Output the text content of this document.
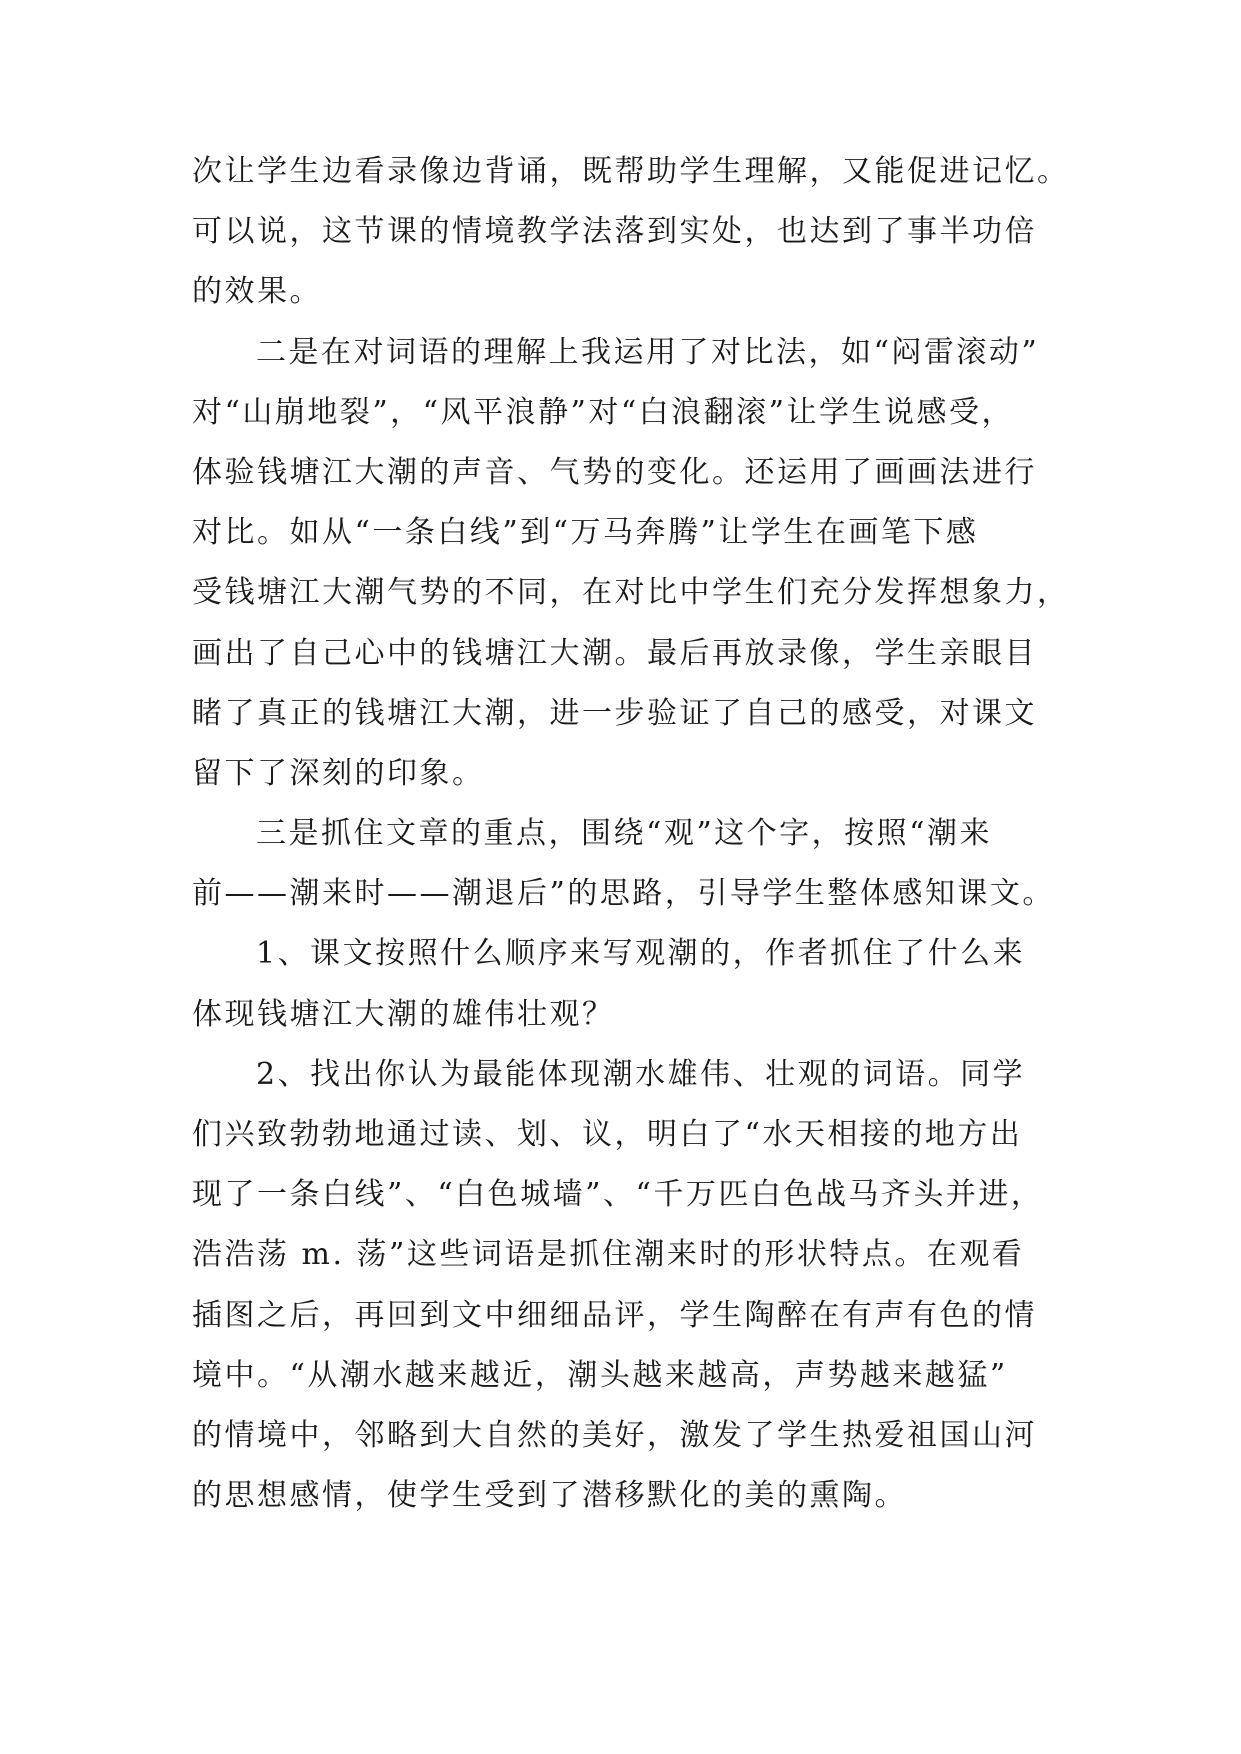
次让学生边看录像边背诵，既帮助学生理解，又能促进记忆。
可以说，这节课的情境教学法落到实处，也达到了事半功倍
的效果。
二是在对词语的理解上我运用了对比法，如“闷雷滚动”
对“山崩地裂”，“风平浪静”对“白浪翻滚”让学生说感受，
体验钱塘江大潮的声音、气势的变化。还运用了画画法进行
对比。如从“一条白线”到“万马奔腾”让学生在画笔下感
受钱塘江大潮气势的不同，在对比中学生们充分发挥想象力，
画出了自己心中的钱塘江大潮。最后再放录像，学生亲眼目
睹了真正的钱塘江大潮，进一步验证了自己的感受，对课文
留下了深刻的印象。
三是抓住文章的重点，围绕“观”这个字，按照“潮来
前——潮来时——潮退后”的思路，引导学生整体感知课文。
1、课文按照什么顺序来写观潮的，作者抓住了什么来
体现钱塘江大潮的雄伟壮观？
2、找出你认为最能体现潮水雄伟、壮观的词语。同学
们兴致勃勃地通过读、划、议，明白了“水天相接的地方出
现了一条白线”、“白色城墙”、“千万匹白色战马齐头并进，
浩浩荡 m. 荡”这些词语是抓住潮来时的形状特点。在观看
插图之后，再回到文中细细品评，学生陶醉在有声有色的情
境中。“从潮水越来越近，潮头越来越高，声势越来越猛”
的情境中，邻略到大自然的美好，激发了学生热爱祖国山河
的思想感情，使学生受到了潜移默化的美的熏陶。
